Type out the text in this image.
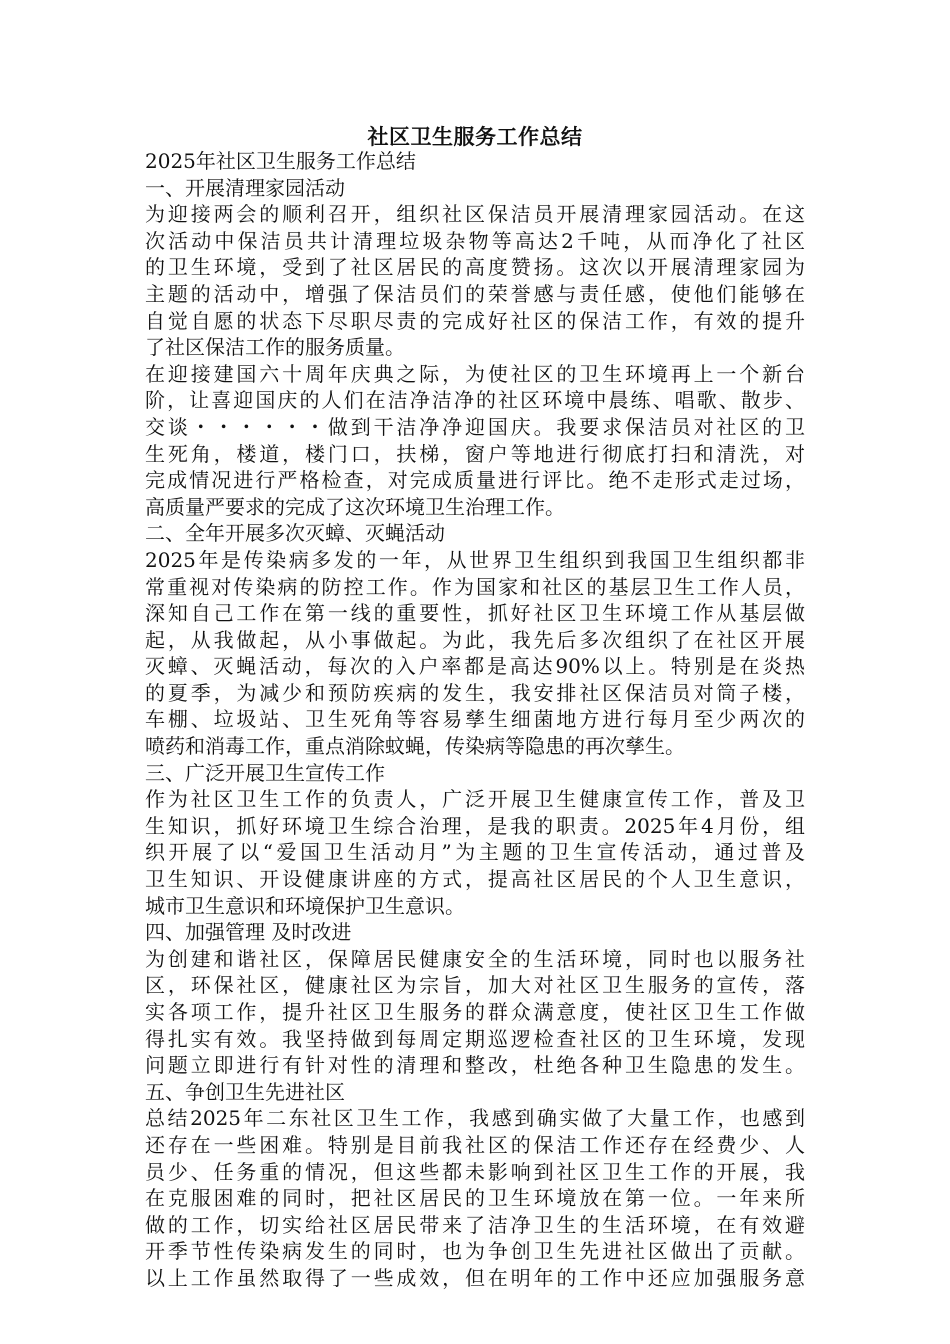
社区卫生服务工作总结
2025年社区卫生服务工作总结
一、开展清理家园活动
为迎接两会的顺利召开，组织社区保洁员开展清理家园活动。在这
次活动中保洁员共计清理垃圾杂物等高达2千吨，从而净化了社区
的卫生环境，受到了社区居民的高度赞扬。这次以开展清理家园为
主题的活动中，增强了保洁员们的荣誉感与责任感，使他们能够在
自觉自愿的状态下尽职尽责的完成好社区的保洁工作，有效的提升
了社区保洁工作的服务质量。
在迎接建国六十周年庆典之际，为使社区的卫生环境再上一个新台
阶，让喜迎国庆的人们在洁净洁净的社区环境中晨练、唱歌、散步、
交谈・・・・・・做到干洁净净迎国庆。我要求保洁员对社区的卫
生死角，楼道，楼门口，扶梯，窗户等地进行彻底打扫和清洗，对
完成情况进行严格检查，对完成质量进行评比。绝不走形式走过场，
高质量严要求的完成了这次环境卫生治理工作。
二、全年开展多次灭蟑、灭蝇活动
2025年是传染病多发的一年，从世界卫生组织到我国卫生组织都非
常重视对传染病的防控工作。作为国家和社区的基层卫生工作人员，
深知自己工作在第一线的重要性，抓好社区卫生环境工作从基层做
起，从我做起，从小事做起。为此，我先后多次组织了在社区开展
灭蟑、灭蝇活动，每次的入户率都是高达90%以上。特别是在炎热
的夏季，为减少和预防疾病的发生，我安排社区保洁员对筒子楼，
车棚、垃圾站、卫生死角等容易孳生细菌地方进行每月至少两次的
喷药和消毒工作，重点消除蚊蝇，传染病等隐患的再次孳生。
三、广泛开展卫生宣传工作
作为社区卫生工作的负责人，广泛开展卫生健康宣传工作，普及卫
生知识，抓好环境卫生综合治理，是我的职责。2025年4月份，组
织开展了以“爱国卫生活动月”为主题的卫生宣传活动，通过普及
卫生知识、开设健康讲座的方式，提高社区居民的个人卫生意识，
城市卫生意识和环境保护卫生意识。
四、加强管理 及时改进
为创建和谐社区，保障居民健康安全的生活环境，同时也以服务社
区，环保社区，健康社区为宗旨，加大对社区卫生服务的宣传，落
实各项工作，提升社区卫生服务的群众满意度，使社区卫生工作做
得扎实有效。我坚持做到每周定期巡逻检查社区的卫生环境，发现
问题立即进行有针对性的清理和整改，杜绝各种卫生隐患的发生。
五、争创卫生先进社区
总结2025年二东社区卫生工作，我感到确实做了大量工作，也感到
还存在一些困难。特别是目前我社区的保洁工作还存在经费少、人
员少、任务重的情况，但这些都未影响到社区卫生工作的开展，我
在克服困难的同时，把社区居民的卫生环境放在第一位。一年来所
做的工作，切实给社区居民带来了洁净卫生的生活环境，在有效避
开季节性传染病发生的同时，也为争创卫生先进社区做出了贡献。
以上工作虽然取得了一些成效，但在明年的工作中还应加强服务意
